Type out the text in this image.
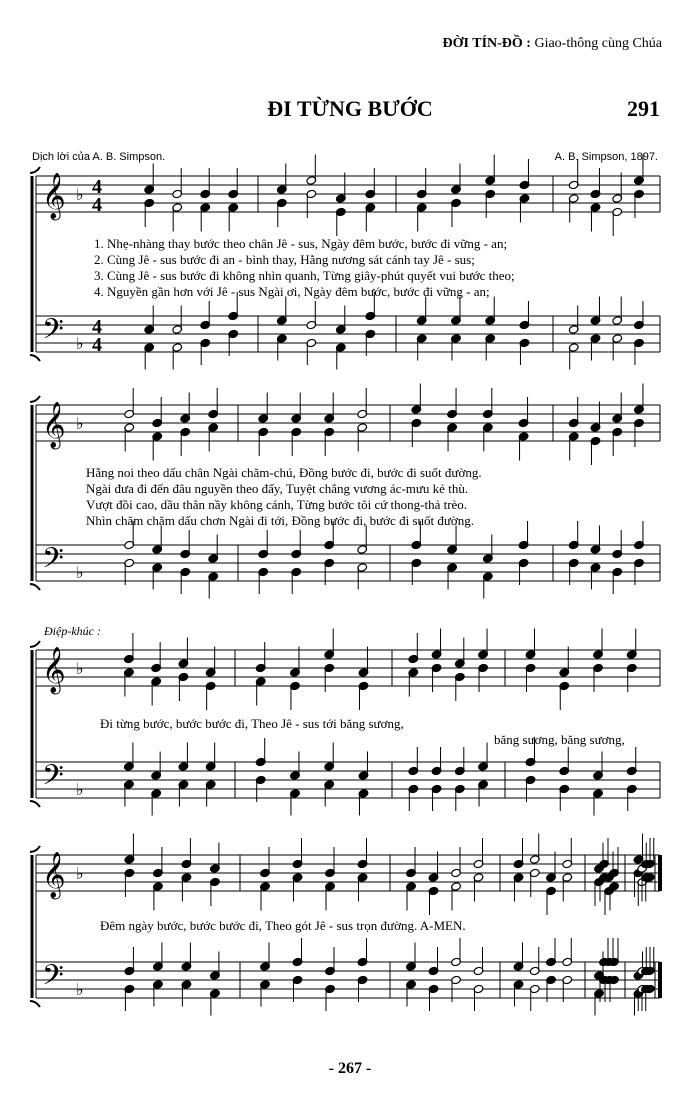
ĐỜI TÍN-ĐỒ : Giao-thông cùng Chúa
ĐI TỪNG BƯỚC	291
Dịch lời của A. B. Simpson.	A. B. Simpson, 1897.
𝄞
𝄢
♭
♭
4
4
4
4
𝄞
𝄢
♭
♭
𝄞
𝄢
♭
♭
𝄞
𝄢
♭
♭
1. Nhẹ-nhàng thay bước theo chân Jê - sus, Ngày đêm bước, bước đi vững - an;
2. Cùng Jê - sus bước đi an - bình thay, Hằng nương sát cánh tay Jê - sus;
3. Cùng Jê - sus bước đi không nhìn quanh, Từng giây-phút quyết vui bước theo;
4. Nguyền gần hơn với Jê - sus Ngài ơi, Ngày đêm bước, bước đi vững - an;
Hằng noi theo dấu chân Ngài chăm-chú, Đồng bước đi, bước đi suốt đường.
Ngài đưa đi đến đâu nguyền theo đấy, Tuyệt chẳng vương ác-mưu kẻ thù.
Vượt đồi cao, dầu thân nầy không cánh, Từng bước tôi cứ thong-thả trèo.
Nhìn chăm chăm dấu chơn Ngài đi tới, Đồng bước đi, bước đi suốt đường.
Điệp-khúc :
Đi từng bước, bước bước đi, Theo Jê - sus tới băng sương,
băng sương, băng sương,
Đêm ngày bước, bước bước đi, Theo gót Jê - sus trọn đường. A-MEN.
- 267 -
